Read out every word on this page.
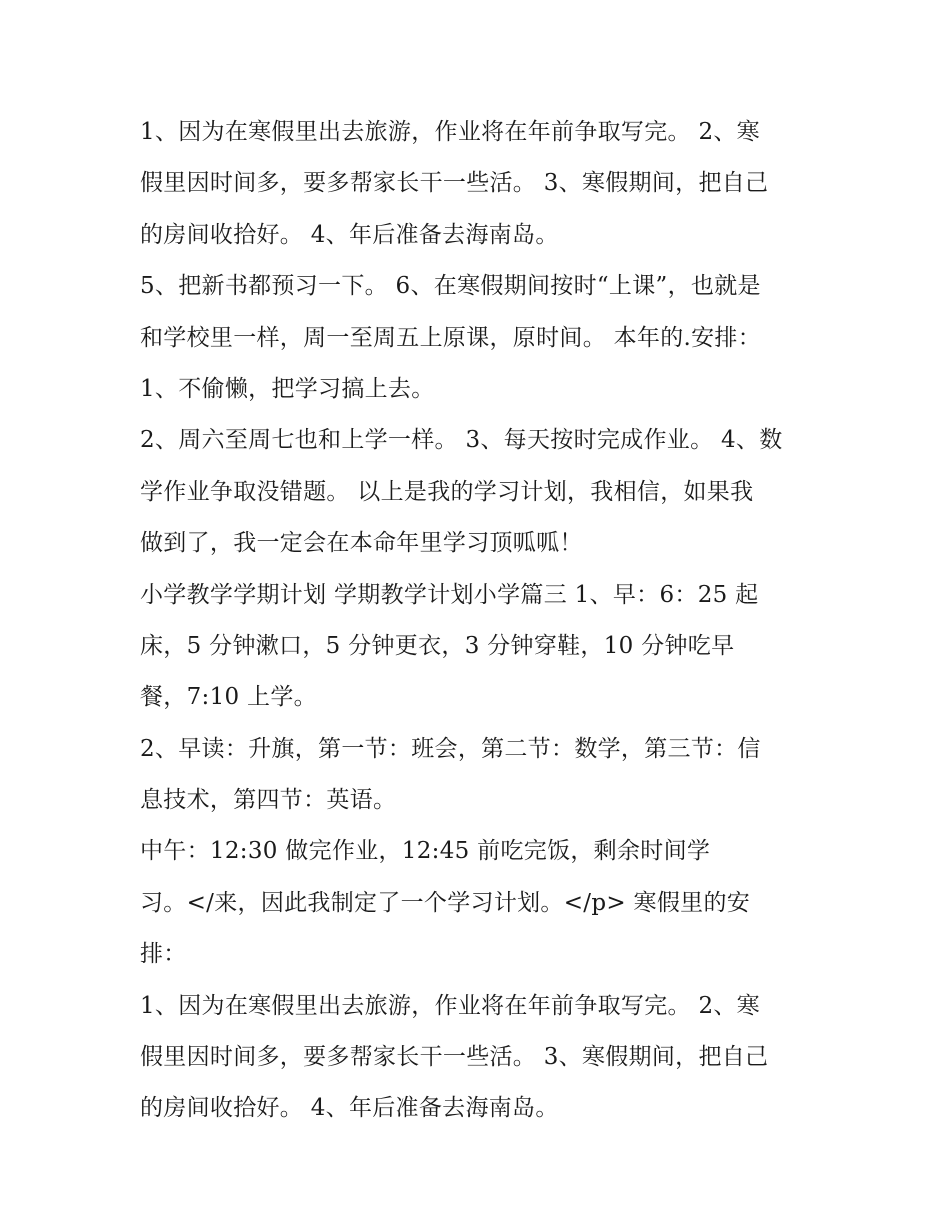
1、因为在寒假里出去旅游，作业将在年前争取写完。 2、寒
假里因时间多，要多帮家长干一些活。 3、寒假期间，把自己
的房间收拾好。 4、年后准备去海南岛。
5、把新书都预习一下。 6、在寒假期间按时“上课”，也就是
和学校里一样，周一至周五上原课，原时间。 本年的.安排：
1、不偷懒，把学习搞上去。
2、周六至周七也和上学一样。 3、每天按时完成作业。 4、数
学作业争取没错题。 以上是我的学习计划，我相信，如果我
做到了，我一定会在本命年里学习顶呱呱！
小学教学学期计划 学期教学计划小学篇三 1、早：6：25 起
床，5 分钟漱口，5 分钟更衣，3 分钟穿鞋，10 分钟吃早
餐，7:10 上学。
2、早读：升旗，第一节：班会，第二节：数学，第三节：信
息技术，第四节：英语。
中午：12:30 做完作业，12:45 前吃完饭，剩余时间学
习。</来，因此我制定了一个学习计划。</p> 寒假里的安
排：
1、因为在寒假里出去旅游，作业将在年前争取写完。 2、寒
假里因时间多，要多帮家长干一些活。 3、寒假期间，把自己
的房间收拾好。 4、年后准备去海南岛。
